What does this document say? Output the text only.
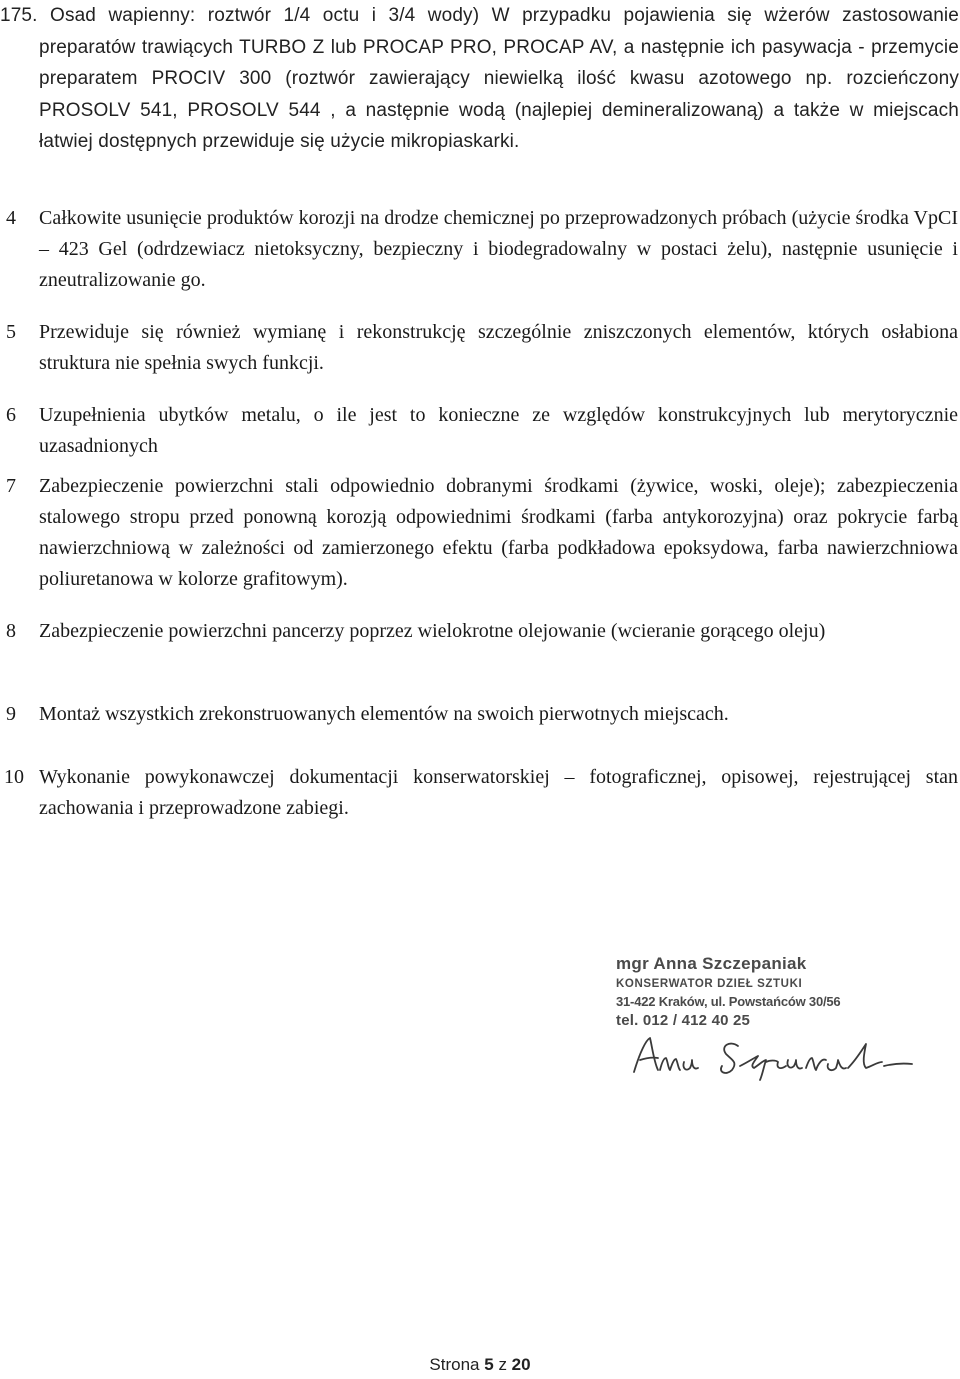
175. Osad wapienny: roztwór 1/4 octu i 3/4 wody) W przypadku pojawienia się wżerów zastosowanie preparatów trawiących TURBO Z lub PROCAP PRO, PROCAP AV, a następnie ich pasywacja - przemycie preparatem PROCIV 300 (roztwór zawierający niewielką ilość kwasu azotowego np. rozcieńczony PROSOLV 541, PROSOLV 544 , a następnie wodą (najlepiej demineralizowaną) a także w miejscach łatwiej dostępnych przewiduje się użycie mikropiaskarki.

4 Całkowite usunięcie produktów korozji na drodze chemicznej po przeprowadzonych próbach (użycie środka VpCI – 423 Gel (odrdzewiacz nietoksyczny, bezpieczny i biodegradowalny w postaci żelu), następnie usunięcie i zneutralizowanie go.

5 Przewiduje się również wymianę i rekonstrukcję szczególnie zniszczonych elementów, których osłabiona struktura nie spełnia swych funkcji.

6 Uzupełnienia ubytków metalu, o ile jest to konieczne ze względów konstrukcyjnych lub merytorycznie uzasadnionych

7 Zabezpieczenie powierzchni stali odpowiednio dobranymi środkami (żywice, woski, oleje); zabezpieczenia stalowego stropu przed ponowną korozją odpowiednimi środkami (farba antykorozyjna) oraz pokrycie farbą nawierzchniową w zależności od zamierzonego efektu (farba podkładowa epoksydowa, farba nawierzchniowa poliuretanowa w kolorze grafitowym).

8 Zabezpieczenie powierzchni pancerzy poprzez wielokrotne olejowanie (wcieranie gorącego oleju)

9 Montaż wszystkich zrekonstruowanych elementów na swoich pierwotnych miejscach.

10 Wykonanie powykonawczej dokumentacji konserwatorskiej – fotograficznej, opisowej, rejestrującej stan zachowania i przeprowadzone zabiegi.

mgr Anna Szczepaniak
KONSERWATOR DZIEŁ SZTUKI
31-422 Kraków, ul. Powstańców 30/56
tel. 012 / 412 40 25
Strona 5 z 20
